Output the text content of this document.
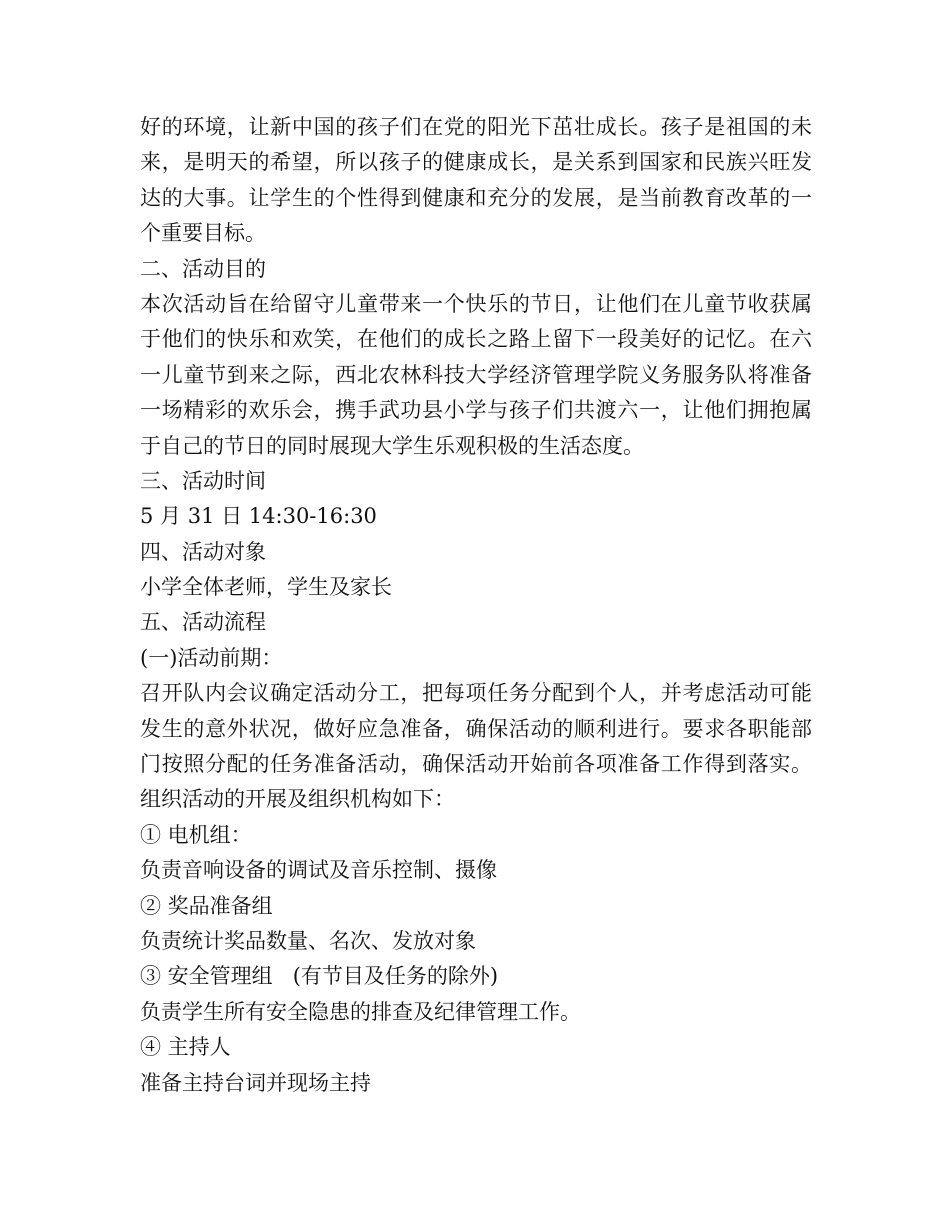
好的环境，让新中国的孩子们在党的阳光下茁壮成长。孩子是祖国的未

来，是明天的希望，所以孩子的健康成长，是关系到国家和民族兴旺发

达的大事。让学生的个性得到健康和充分的发展，是当前教育改革的一

个重要目标。

二、活动目的

本次活动旨在给留守儿童带来一个快乐的节日，让他们在儿童节收获属

于他们的快乐和欢笑，在他们的成长之路上留下一段美好的记忆。在六

一儿童节到来之际，西北农林科技大学经济管理学院义务服务队将准备

一场精彩的欢乐会，携手武功县小学与孩子们共渡六一，让他们拥抱属

于自己的节日的同时展现大学生乐观积极的生活态度。

三、活动时间

5 月 31 日 14:30-16:30

四、活动对象

小学全体老师，学生及家长

五、活动流程

(一)活动前期：

召开队内会议确定活动分工，把每项任务分配到个人，并考虑活动可能

发生的意外状况，做好应急准备，确保活动的顺利进行。要求各职能部

门按照分配的任务准备活动，确保活动开始前各项准备工作得到落实。

组织活动的开展及组织机构如下：

① 电机组：

负责音响设备的调试及音乐控制、摄像

② 奖品准备组

负责统计奖品数量、名次、发放对象

③ 安全管理组   (有节目及任务的除外)

负责学生所有安全隐患的排查及纪律管理工作。

④ 主持人

准备主持台词并现场主持
